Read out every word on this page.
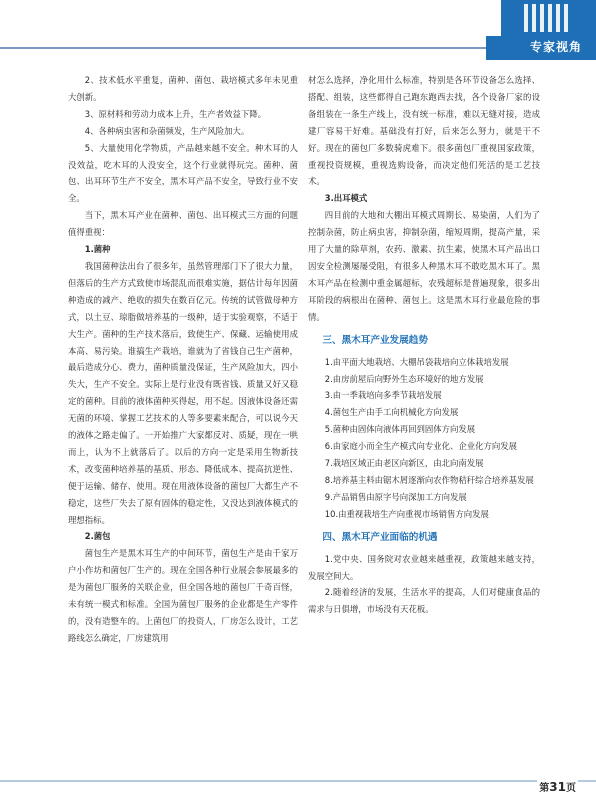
专家视角

2、技术低水平重复，菌种、菌包、栽培模式多年未见重大创新。

3、原材料和劳动力成本上升，生产者效益下降。

4、各种病虫害和杂菌频发，生产风险加大。

5、大量使用化学物质，产品越来越不安全。种木耳的人没效益，吃木耳的人没安全，这个行业就得玩完。菌种、菌包、出耳环节生产不安全，黑木耳产品不安全，导致行业不安全。

当下，黑木耳产业在菌种、菌包、出耳模式三方面的问题值得重视：

1.菌种

我国菌种法出台了很多年，虽然管理部门下了很大力量，但落后的生产方式致使市场混乱而很难实施，据估计每年因菌种造成的减产、绝收的损失在数百亿元。传统的试管做母种方式，以土豆、琼脂做培养基的一级种，适于实验观察，不适于大生产。菌种的生产技术落后，致使生产、保藏、运输使用成本高、易污染。谁搞生产栽培，谁就为了省钱自己生产菌种，最后造成分心、费力，菌种质量没保证，生产风险加大，四小失大，生产不安全。实际上是行业没有既省钱、质量又好又稳定的菌种。目前的液体菌种买得起，用不起。因液体设备还需无菌的环境、掌握工艺技术的人等多要素来配合，可以说今天的液体之路走偏了。一开始推广大家都反对、质疑，现在一哄而上，认为不上就落后了。以后的方向一定是采用生物新技术，改变菌种培养基的基质、形态、降低成本、提高抗逆性、便于运输、储存、使用。现在用液体设备的菌包厂大都生产不稳定，这些厂失去了原有固体的稳定性，又没达到液体模式的理想指标。

2.菌包

菌包生产是黑木耳生产的中间环节，菌包生产是由千家万户小作坊和菌包厂生产的。现在全国各种行业展会参展最多的是为菌包厂服务的关联企业，但全国各地的菌包厂千奇百怪，未有统一模式和标准。全国为菌包厂服务的企业都是生产零件的，没有造整车的。上菌包厂的投资人，厂房怎么设计，工艺路线怎么确定，厂房建筑用

材怎么选择，净化用什么标准，特别是各环节设备怎么选择、搭配、组装，这些都得自己跑东跑西去找，各个设备厂家的设备组装在一条生产线上，没有统一标准，难以无缝对接，造成建厂容易干好难。基础没有打好，后来怎么努力，就是干不好。现在的菌包厂多数骑虎难下。很多菌包厂重视国家政策，重视投资规模，重视选购设备，而决定他们死活的是工艺技术。

3.出耳模式

四目前的大地和大棚出耳模式周期长、易染菌，人们为了控制杂菌，防止病虫害，抑制杂菌，缩短周期，提高产量，采用了大量的除草剂，农药、激素、抗生素，使黑木耳产品出口因安全检测屡屡受阻，有很多人种黑木耳不敢吃黑木耳了。黑木耳产品在检测中重金属超标，农残超标是普遍现象，很多出耳阶段的病根出在菌种、菌包上。这是黑木耳行业最危险的事情。

三、黑木耳产业发展趋势

1.由平面大地栽培、大棚吊袋栽培向立体栽培发展

2.由房前屋后向野外生态环境好的地方发展

3.由一季栽培向多季节栽培发展

4.菌包生产由手工向机械化方向发展

5.菌种由固体向液体再回到固体方向发展

6.由家庭小而全生产模式向专业化、企业化方向发展

7.栽培区域正由老区向新区，由北向南发展

8.培养基主料由锯木屑逐渐向农作物秸秆综合培养基发展

9.产品销售由原字号向深加工方向发展

10.由重视栽培生产向重视市场销售方向发展

四、黑木耳产业面临的机遇

1.党中央、国务院对农业越来越重视，政策越来越支持，发展空间大。

2.随着经济的发展，生活水平的提高，人们对健康食品的需求与日俱增，市场没有天花板。

第31页
